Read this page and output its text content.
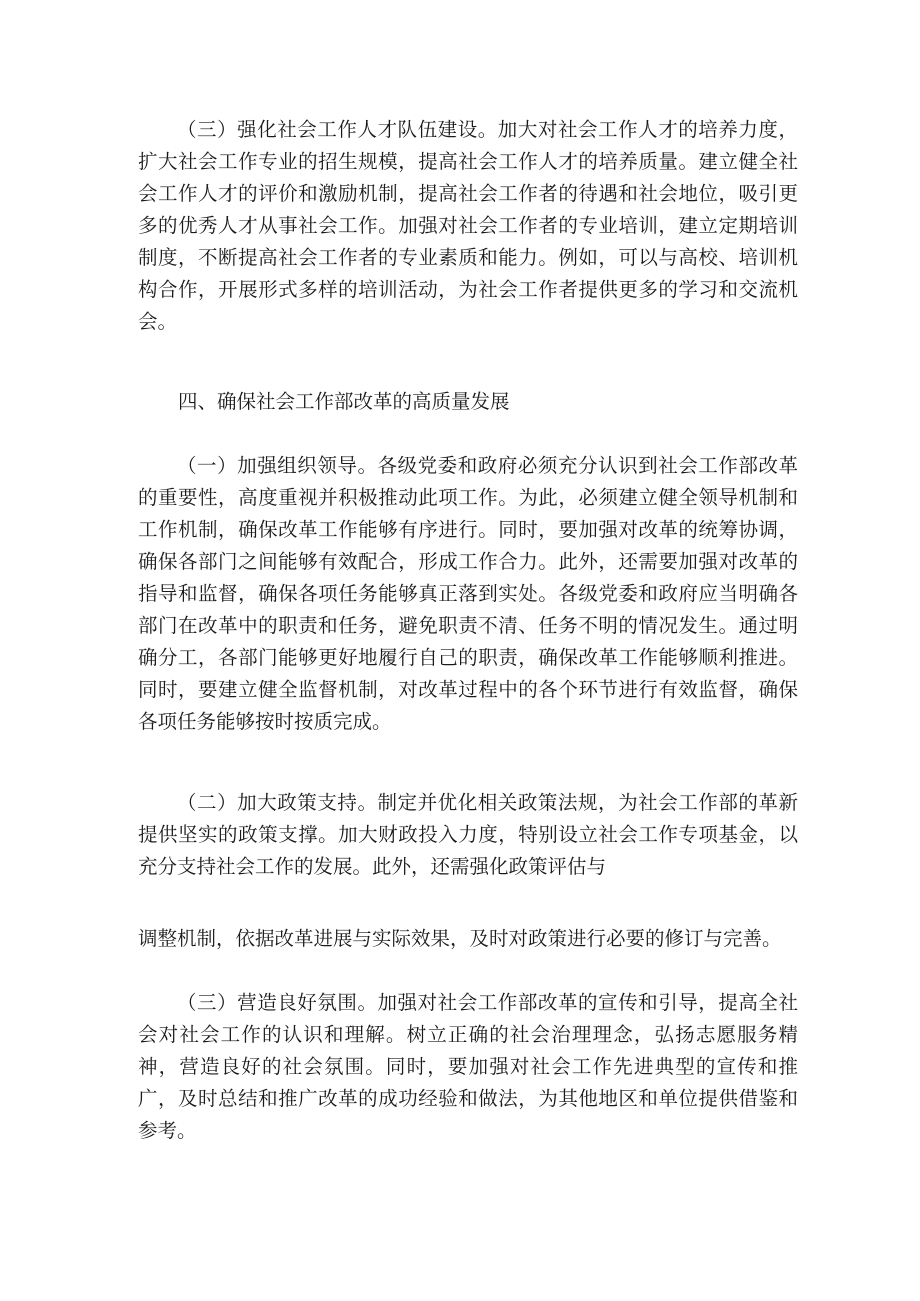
（三）强化社会工作人才队伍建设。加大对社会工作人才的培养力度，扩大社会工作专业的招生规模，提高社会工作人才的培养质量。建立健全社会工作人才的评价和激励机制，提高社会工作者的待遇和社会地位，吸引更多的优秀人才从事社会工作。加强对社会工作者的专业培训，建立定期培训制度，不断提高社会工作者的专业素质和能力。例如，可以与高校、培训机构合作，开展形式多样的培训活动，为社会工作者提供更多的学习和交流机会。

四、确保社会工作部改革的高质量发展

（一）加强组织领导。各级党委和政府必须充分认识到社会工作部改革的重要性，高度重视并积极推动此项工作。为此，必须建立健全领导机制和工作机制，确保改革工作能够有序进行。同时，要加强对改革的统筹协调，确保各部门之间能够有效配合，形成工作合力。此外，还需要加强对改革的指导和监督，确保各项任务能够真正落到实处。各级党委和政府应当明确各部门在改革中的职责和任务，避免职责不清、任务不明的情况发生。通过明确分工，各部门能够更好地履行自己的职责，确保改革工作能够顺利推进。同时，要建立健全监督机制，对改革过程中的各个环节进行有效监督，确保各项任务能够按时按质完成。

（二）加大政策支持。制定并优化相关政策法规，为社会工作部的革新提供坚实的政策支撑。加大财政投入力度，特别设立社会工作专项基金，以充分支持社会工作的发展。此外，还需强化政策评估与

调整机制，依据改革进展与实际效果，及时对政策进行必要的修订与完善。

（三）营造良好氛围。加强对社会工作部改革的宣传和引导，提高全社会对社会工作的认识和理解。树立正确的社会治理理念，弘扬志愿服务精神，营造良好的社会氛围。同时，要加强对社会工作先进典型的宣传和推广，及时总结和推广改革的成功经验和做法，为其他地区和单位提供借鉴和参考。
